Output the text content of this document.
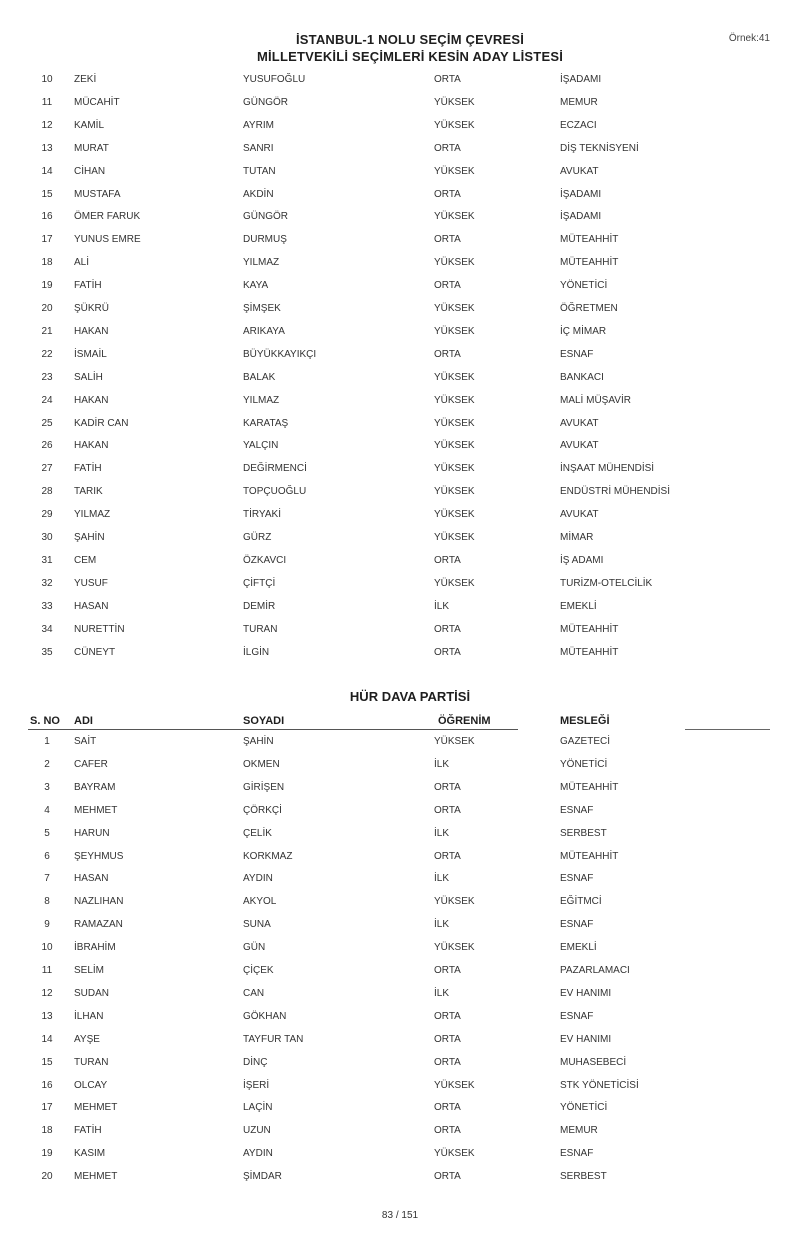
İSTANBUL-1 NOLU SEÇİM ÇEVRESİ
MİLLETVEKİLİ SEÇİMLERİ KESİN ADAY LİSTESİ
Örnek:41
10	ZEKİ	YUSUFOĞLU	ORTA	İŞADAMI
11	MÜCAHİT	GÜNGÖR	YÜKSEK	MEMUR
12	KAMİL	AYRIM	YÜKSEK	ECZACI
13	MURAT	SANRI	ORTA	DİŞ TEKNİSYENİ
14	CİHAN	TUTAN	YÜKSEK	AVUKAT
15	MUSTAFA	AKDİN	ORTA	İŞADAMI
16	ÖMER FARUK	GÜNGÖR	YÜKSEK	İŞADAMI
17	YUNUS EMRE	DURMUŞ	ORTA	MÜTEAHHİT
18	ALİ	YILMAZ	YÜKSEK	MÜTEAHHİT
19	FATİH	KAYA	ORTA	YÖNETİCİ
20	ŞÜKRÜ	ŞİMŞEK	YÜKSEK	ÖĞRETMEN
21	HAKAN	ARIKAYA	YÜKSEK	İÇ MİMAR
22	İSMAİL	BÜYÜKKAYIKÇI	ORTA	ESNAF
23	SALİH	BALAK	YÜKSEK	BANKACI
24	HAKAN	YILMAZ	YÜKSEK	MALİ MÜŞAVİR
25	KADİR CAN	KARATAŞ	YÜKSEK	AVUKAT
26	HAKAN	YALÇIN	YÜKSEK	AVUKAT
27	FATİH	DEĞİRMENCİ	YÜKSEK	İNŞAAT MÜHENDİSİ
28	TARIK	TOPÇUOĞLU	YÜKSEK	ENDÜSTRİ MÜHENDİSİ
29	YILMAZ	TİRYAKİ	YÜKSEK	AVUKAT
30	ŞAHİN	GÜRZ	YÜKSEK	MİMAR
31	CEM	ÖZKAVCI	ORTA	İŞ ADAMI
32	YUSUF	ÇİFTÇİ	YÜKSEK	TURİZM-OTELCİLİK
33	HASAN	DEMİR	İLK	EMEKLİ
34	NURETTİN	TURAN	ORTA	MÜTEAHHİT
35	CÜNEYT	İLGİN	ORTA	MÜTEAHHİT
HÜR DAVA PARTİSİ
S. NO ADI	SOYADI	ÖĞRENİM	MESLEĞİ
1	SAİT	ŞAHİN	YÜKSEK	GAZETECİ
2	CAFER	OKMEN	İLK	YÖNETİCİ
3	BAYRAM	GİRİŞEN	ORTA	MÜTEAHHİT
4	MEHMET	ÇÖRKÇİ	ORTA	ESNAF
5	HARUN	ÇELİK	İLK	SERBEST
6	ŞEYHMUS	KORKMAZ	ORTA	MÜTEAHHİT
7	HASAN	AYDIN	İLK	ESNAF
8	NAZLIHAN	AKYOL	YÜKSEK	EĞİTMCİ
9	RAMAZAN	SUNA	İLK	ESNAF
10	İBRAHİM	GÜN	YÜKSEK	EMEKLİ
11	SELİM	ÇİÇEK	ORTA	PAZARLAMACI
12	SUDAN	CAN	İLK	EV HANIMI
13	İLHAN	GÖKHAN	ORTA	ESNAF
14	AYŞE	TAYFUR TAN	ORTA	EV HANIMI
15	TURAN	DİNÇ	ORTA	MUHASEBECİ
16	OLCAY	İŞERİ	YÜKSEK	STK YÖNETİCİSİ
17	MEHMET	LAÇİN	ORTA	YÖNETİCİ
18	FATİH	UZUN	ORTA	MEMUR
19	KASIM	AYDIN	YÜKSEK	ESNAF
20	MEHMET	ŞİMDAR	ORTA	SERBEST
83 / 151
